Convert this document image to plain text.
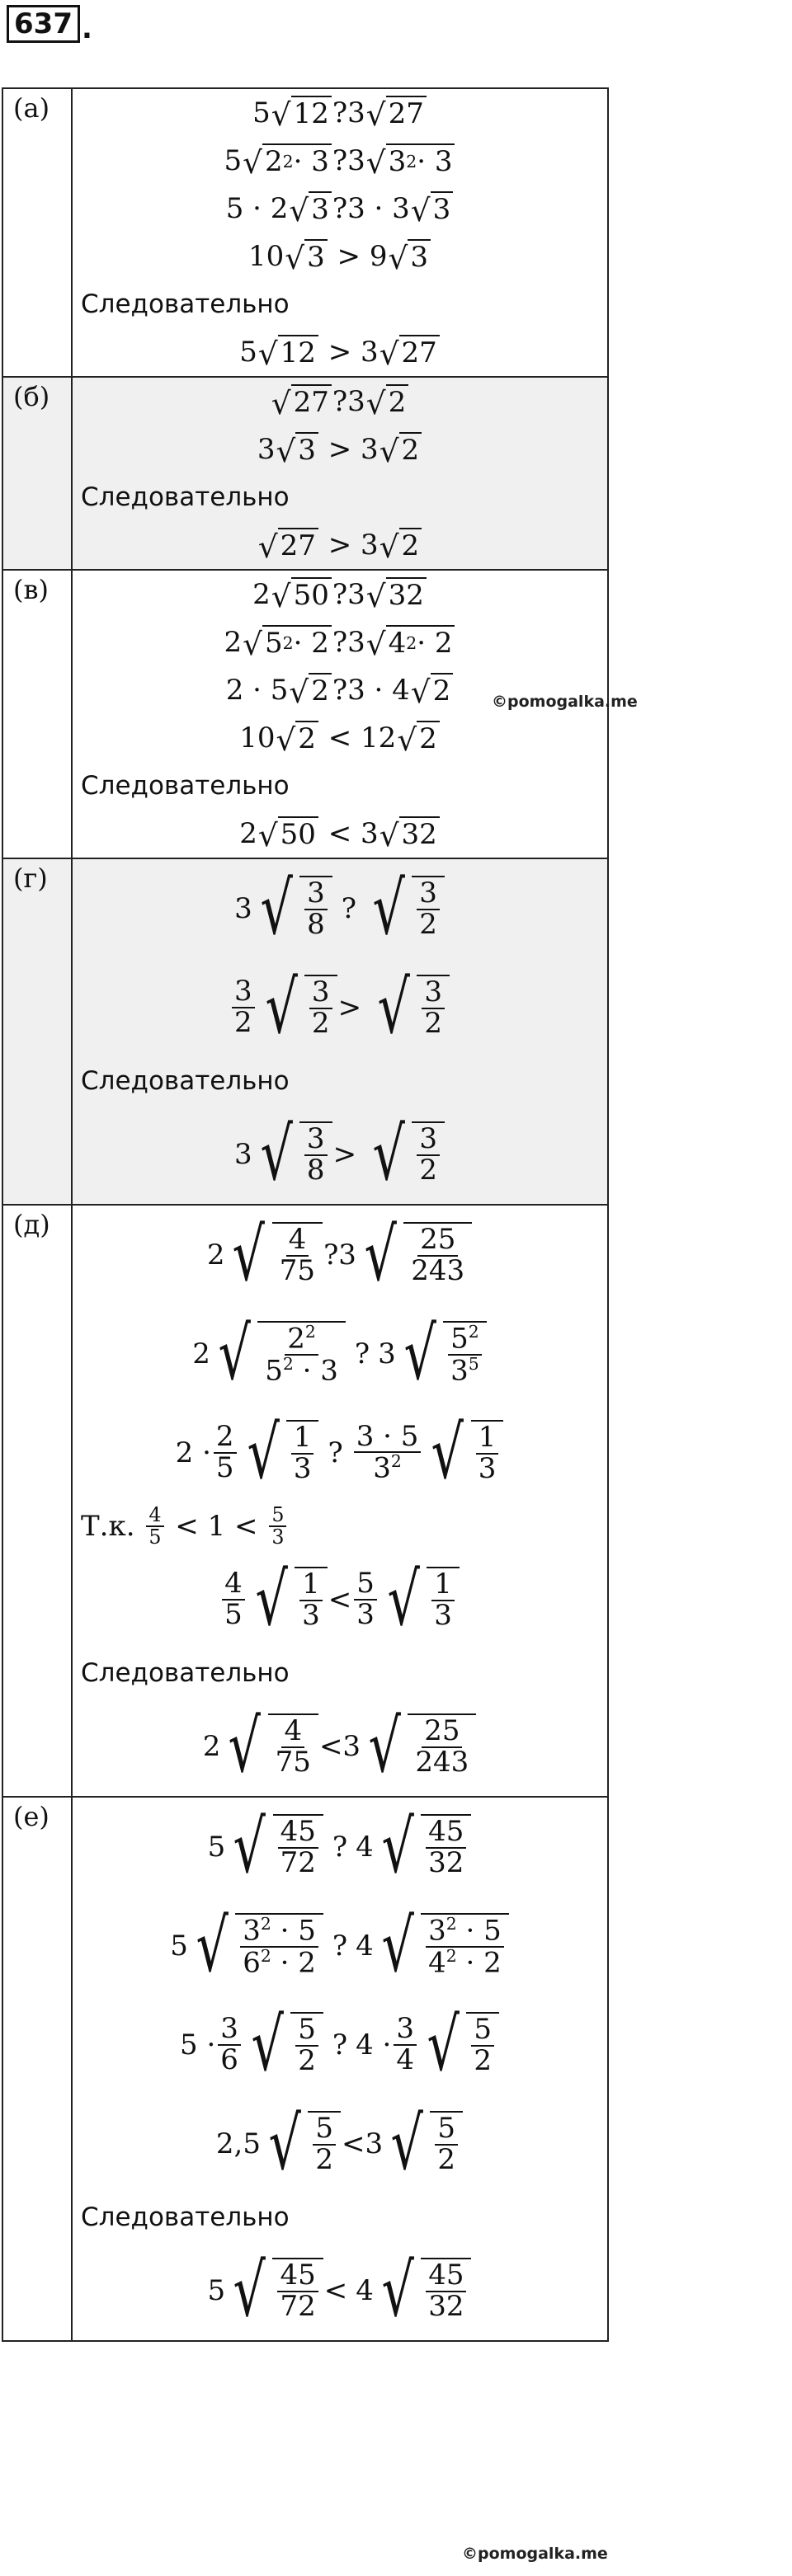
637 .
(а)	5 √ 12 ?3 √ 27
5 √ 2 2 · 3 ?3 √ 3 2 · 3
5 · 2 √ 3 ?3 · 3 √ 3
10 √ 3 > 9 √ 3
Следовательно
5 √ 12 > 3 √ 27
(б)	√ 27 ?3 √ 2
3 √ 3 > 3 √ 2
Следовательно
√ 27 > 3 √ 2
(в)	2 √ 50 ?3 √ 32
2 √ 5 2 · 2 ?3 √ 4 2 · 2
2 · 5 √ 2 ?3 · 4 √ 2
10 √ 2 < 12 √ 2
Следовательно
2 √ 50 < 3 √ 32
(г)
3 √ $\frac{3}{8}$ ? √ $\frac{3}{2}$
$\frac{3}{2}$ √ $\frac{3}{2}$ > √ $\frac{3}{2}$
Следовательно
3 √ $\frac{3}{8}$ > √ $\frac{3}{2}$
(д)
2 √ $\frac{4}{75}$ ?3 √ $\frac{25}{243}$
2 √ $\frac{2^2}{5^2 \cdot 3}$ ? 3 √ $\frac{5^2}{3^5}$
$2 \cdot \frac{2}{5}$ √ $\frac{1}{3}$ ? $\frac{3 \cdot 5}{3^2}$ √ $\frac{1}{3}$
Т.к.
$\frac{4}{5} < 1 < \frac{5}{3}$
$\frac{4}{5}$ √ $\frac{1}{3} < \frac{5}{3}$ √ $\frac{1}{3}$
Следовательно
2 √ $\frac{4}{75} <3$ √ $\frac{25}{243}$
(е)
5 √ $\frac{45}{72}$ ? 4 √ $\frac{45}{32}$
5 √ $\frac{3^2 \cdot 5}{6^2 \cdot 2}$ ? 4 √ $\frac{3^2 \cdot 5}{4^2 \cdot 2}$
$5 \cdot \frac{3}{6}$ √ $\frac{5}{2}$ ? $4 \cdot \frac{3}{4}$ √ $\frac{5}{2}$
2,5 √ $\frac{5}{2} <3$ √ $\frac{5}{2}$
Следовательно
5 √ $\frac{45}{72} < 4$ √ $\frac{45}{32}$
©pomogalka.me
©pomogalka.me
